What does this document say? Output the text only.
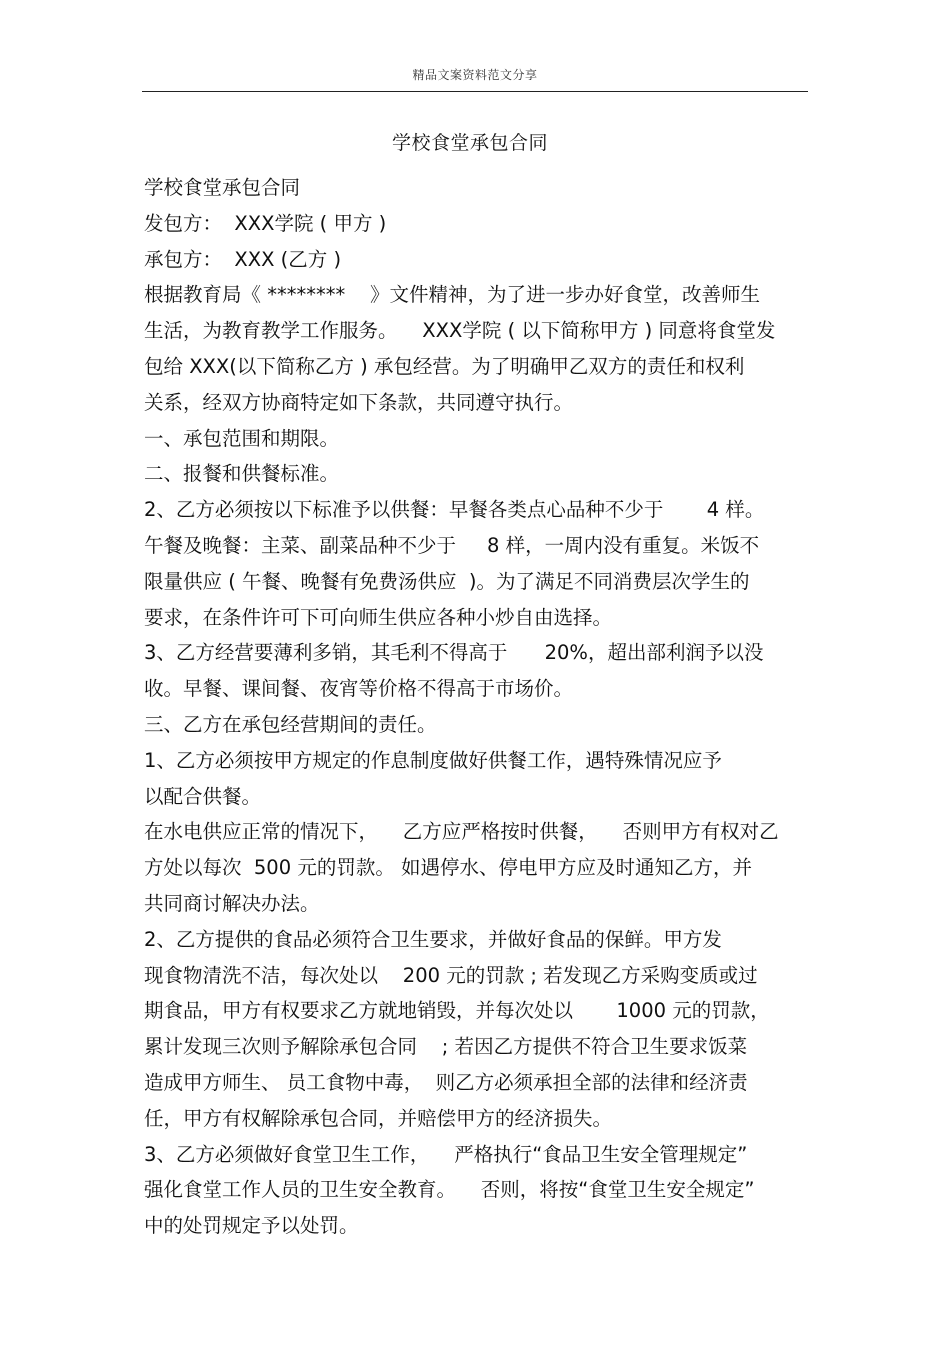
精品文案资料范文分享
学校食堂承包合同
学校食堂承包合同
发包方：  XXX学院 ( 甲方 )
承包方：  XXX (乙方 )
根据教育局《 ********    》文件精神，为了进一步办好食堂，改善师生
生活，为教育教学工作服务。    XXX学院 ( 以下简称甲方 ) 同意将食堂发
包给 XXX(以下简称乙方 ) 承包经营。为了明确甲乙双方的责任和权利
关系，经双方协商特定如下条款，共同遵守执行。
一、承包范围和期限。
二、报餐和供餐标准。
2、乙方必须按以下标准予以供餐：早餐各类点心品种不少于       4 样。
午餐及晚餐：主菜、副菜品种不少于     8 样，一周内没有重复。米饭不
限量供应 ( 午餐、晚餐有免费汤供应  )。为了满足不同消费层次学生的
要求，在条件许可下可向师生供应各种小炒自由选择。
3、乙方经营要薄利多销，其毛利不得高于      20%，超出部利润予以没
收。早餐、课间餐、夜宵等价格不得高于市场价。
三、乙方在承包经营期间的责任。
1、乙方必须按甲方规定的作息制度做好供餐工作，遇特殊情况应予
以配合供餐。
在水电供应正常的情况下，    乙方应严格按时供餐，    否则甲方有权对乙
方处以每次  500 元的罚款。 如遇停水、停电甲方应及时通知乙方，并
共同商讨解决办法。
2、乙方提供的食品必须符合卫生要求，并做好食品的保鲜。甲方发
现食物清洗不洁，每次处以    200 元的罚款 ; 若发现乙方采购变质或过
期食品，甲方有权要求乙方就地销毁，并每次处以       1000 元的罚款，
累计发现三次则予解除承包合同    ; 若因乙方提供不符合卫生要求饭菜
造成甲方师生、 员工食物中毒，  则乙方必须承担全部的法律和经济责
任，甲方有权解除承包合同，并赔偿甲方的经济损失。
3、乙方必须做好食堂卫生工作，    严格执行“食品卫生安全管理规定”
强化食堂工作人员的卫生安全教育。    否则，将按“食堂卫生安全规定”
中的处罚规定予以处罚。
